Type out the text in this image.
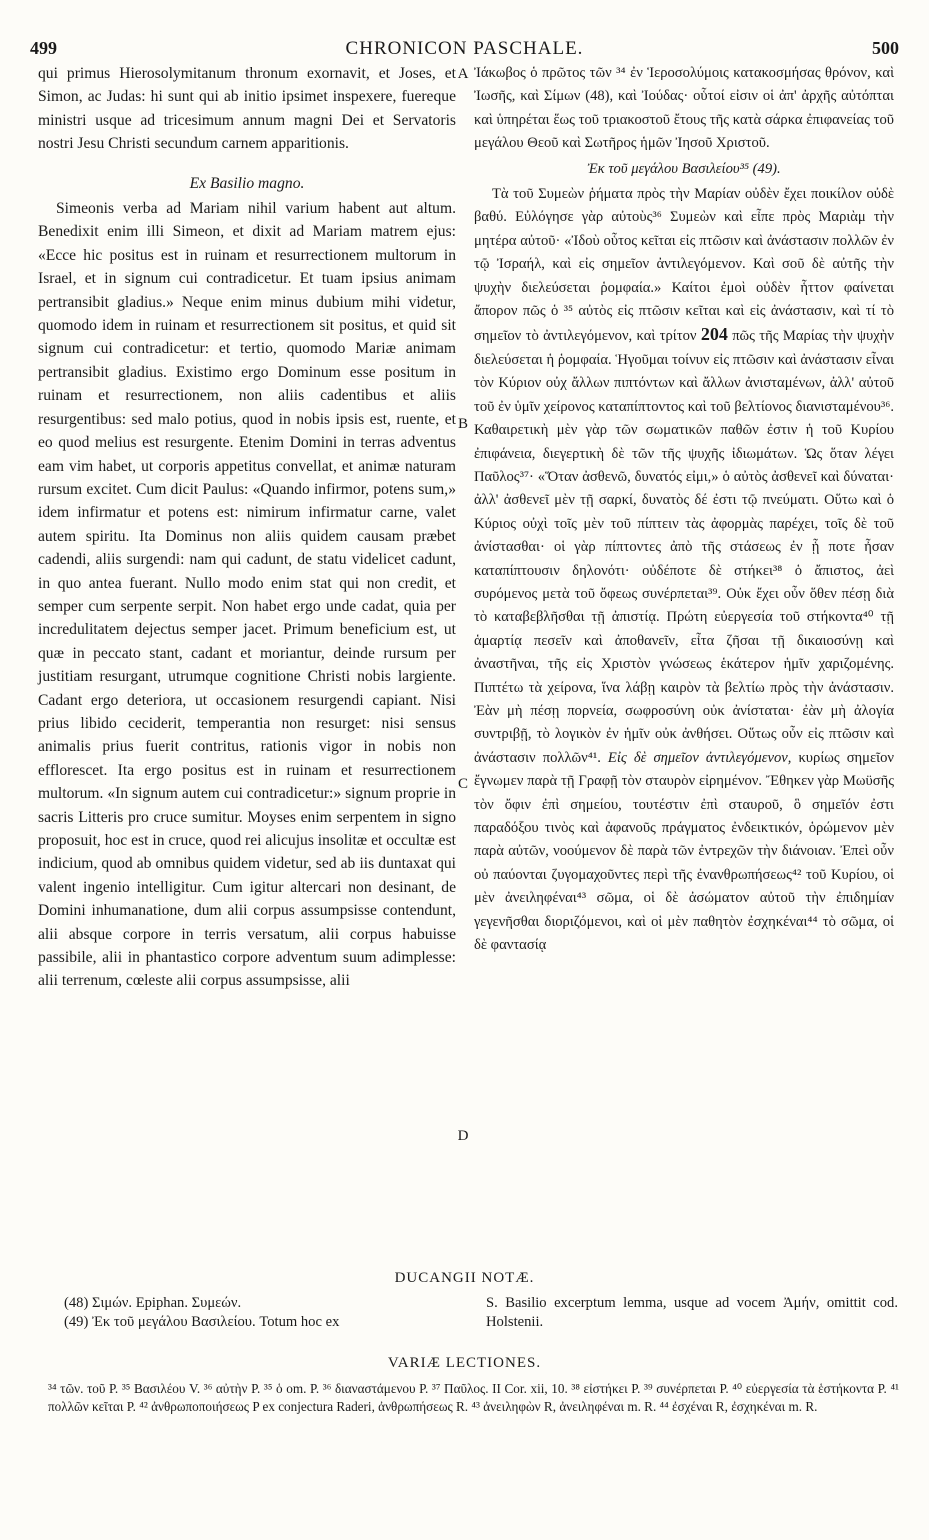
499	CHRONICON PASCHALE.	500

qui primus Hierosolymitanum thronum exornavit, et Joses, et Simon, ac Judas: hi sunt qui ab initio ipsimet inspexere, fuereque ministri usque ad tricesimum annum magni Dei et Servatoris nostri Jesu Christi secundum carnem apparitionis.

Ex Basilio magno.

Simeonis verba ad Mariam nihil varium habent aut altum. Benedixit enim illi Simeon, et dixit ad Mariam matrem ejus: «Ecce hic positus est in ruinam et resurrectionem multorum in Israel, et in signum cui contradicetur. Et tuam ipsius animam pertransibit gladius.» Neque enim minus dubium mihi videtur, quomodo idem in ruinam et resurrectionem sit positus, et quid sit signum cui contradicetur: et tertio, quomodo Mariæ animam pertransibit gladius. Existimo ergo Dominum esse positum in ruinam et resurrectionem, non aliis cadentibus et aliis resurgentibus: sed malo potius, quod in nobis ipsis est, ruente, et eo quod melius est resurgente. Etenim Domini in terras adventus eam vim habet, ut corporis appetitus convellat, et animæ naturam rursum excitet. Cum dicit Paulus: «Quando infirmor, potens sum,» idem infirmatur et potens est: nimirum infirmatur carne, valet autem spiritu. Ita Dominus non aliis quidem causam præbet cadendi, aliis surgendi: nam qui cadunt, de statu videlicet cadunt, in quo antea fuerant. Nullo modo enim stat qui non credit, et semper cum serpente serpit. Non habet ergo unde cadat, quia per incredulitatem dejectus semper jacet. Primum beneficium est, ut quæ in peccato stant, cadant et moriantur, deinde rursum per justitiam resurgant, utrumque cognitione Christi nobis largiente. Cadant ergo deteriora, ut occasionem resurgendi capiant. Nisi prius libido ceciderit, temperantia non resurget: nisi sensus animalis prius fuerit contritus, rationis vigor in nobis non efflorescet. Ita ergo positus est in ruinam et resurrectionem multorum. «In signum autem cui contradicetur:» signum proprie in sacris Litteris pro cruce sumitur. Moyses enim serpentem in signo proposuit, hoc est in cruce, quod rei alicujus insolitæ et occultæ est indicium, quod ab omnibus quidem videtur, sed ab iis duntaxat qui valent ingenio intelligitur. Cum igitur altercari non desinant, de Domini inhumanatione, dum alii corpus assumpsisse contendunt, alii absque corpore in terris versatum, alii corpus habuisse passibile, alii in phantastico corpore adventum suum adimplesse: alii terrenum, cœleste alii corpus assumpsisse, alii

A
B
C
D

Ἰάκωβος ὁ πρῶτος τῶν ³⁴ ἐν Ἱεροσολύμοις κατακοσμήσας θρόνον, καὶ Ἰωσῆς, καὶ Σίμων (48), καὶ Ἰούδας· οὗτοί εἰσιν οἱ ἀπ' ἀρχῆς αὐτόπται καὶ ὑπηρέται ἕως τοῦ τριακοστοῦ ἔτους τῆς κατὰ σάρκα ἐπιφανείας τοῦ μεγάλου Θεοῦ καὶ Σωτῆρος ἡμῶν Ἰησοῦ Χριστοῦ.

Ἐκ τοῦ μεγάλου Βασιλείου³⁵ (49).

Τὰ τοῦ Συμεὼν ῥήματα πρὸς τὴν Μαρίαν οὐδὲν ἔχει ποικίλον οὐδὲ βαθύ. Εὐλόγησε γὰρ αὐτοὺς³⁶ Συμεὼν καὶ εἶπε πρὸς Μαριὰμ τὴν μητέρα αὐτοῦ· «Ἰδοὺ οὗτος κεῖται εἰς πτῶσιν καὶ ἀνάστασιν πολλῶν ἐν τῷ Ἰσραήλ, καὶ εἰς σημεῖον ἀντιλεγόμενον. Καὶ σοῦ δὲ αὐτῆς τὴν ψυχὴν διελεύσεται ῥομφαία.» Καίτοι ἐμοὶ οὐδὲν ἧττον φαίνεται ἄπορον πῶς ὁ ³⁵ αὐτὸς εἰς πτῶσιν κεῖται καὶ εἰς ἀνάστασιν, καὶ τί τὸ σημεῖον τὸ ἀντιλεγόμενον, καὶ τρίτον 204 πῶς τῆς Μαρίας τὴν ψυχὴν διελεύσεται ἡ ῥομφαία. Ἡγοῦμαι τοίνυν εἰς πτῶσιν καὶ ἀνάστασιν εἶναι τὸν Κύριον οὐχ ἄλλων πιπτόντων καὶ ἄλλων ἀνισταμένων, ἀλλ' αὐτοῦ τοῦ ἐν ὑμῖν χείρονος καταπίπτοντος καὶ τοῦ βελτίονος διανισταμένου³⁶. Καθαιρετικὴ μὲν γὰρ τῶν σωματικῶν παθῶν ἐστιν ἡ τοῦ Κυρίου ἐπιφάνεια, διεγερτικὴ δὲ τῶν τῆς ψυχῆς ἰδιωμάτων. Ὡς ὅταν λέγει Παῦλος³⁷· «Ὅταν ἀσθενῶ, δυνατός εἰμι,» ὁ αὐτὸς ἀσθενεῖ καὶ δύναται· ἀλλ' ἀσθενεῖ μὲν τῇ σαρκί, δυνατὸς δέ ἐστι τῷ πνεύματι. Οὕτω καὶ ὁ Κύριος οὐχὶ τοῖς μὲν τοῦ πίπτειν τὰς ἀφορμὰς παρέχει, τοῖς δὲ τοῦ ἀνίστασθαι· οἱ γὰρ πίπτοντες ἀπὸ τῆς στάσεως ἐν ᾗ ποτε ἦσαν καταπίπτουσιν δηλονότι· οὐδέποτε δὲ στήκει³⁸ ὁ ἄπιστος, ἀεὶ συρόμενος μετὰ τοῦ ὄφεως συνέρπεται³⁹. Οὐκ ἔχει οὖν ὅθεν πέσῃ διὰ τὸ καταβεβλῆσθαι τῇ ἀπιστίᾳ. Πρώτη εὐεργεσία τοῦ στήκοντα⁴⁰ τῇ ἁμαρτίᾳ πεσεῖν καὶ ἀποθανεῖν, εἶτα ζῆσαι τῇ δικαιοσύνῃ καὶ ἀναστῆναι, τῆς εἰς Χριστὸν γνώσεως ἑκάτερον ἡμῖν χαριζομένης. Πιπτέτω τὰ χείρονα, ἵνα λάβῃ καιρὸν τὰ βελτίω πρὸς τὴν ἀνάστασιν. Ἐὰν μὴ πέσῃ πορνεία, σωφροσύνη οὐκ ἀνίσταται· ἐὰν μὴ ἀλογία συντριβῇ, τὸ λογικὸν ἐν ἡμῖν οὐκ ἀνθήσει. Οὕτως οὖν εἰς πτῶσιν καὶ ἀνάστασιν πολλῶν⁴¹. Εἰς δὲ σημεῖον ἀντιλεγόμενον, κυρίως σημεῖον ἔγνωμεν παρὰ τῇ Γραφῇ τὸν σταυρὸν εἰρημένον. Ἔθηκεν γὰρ Μωϋσῆς τὸν ὄφιν ἐπὶ σημείου, τουτέστιν ἐπὶ σταυροῦ, ὃ σημεῖόν ἐστι παραδόξου τινὸς καὶ ἀφανοῦς πράγματος ἐνδεικτικόν, ὁρώμενον μὲν παρὰ αὐτῶν, νοούμενον δὲ παρὰ τῶν ἐντρεχῶν τὴν διάνοιαν. Ἐπεὶ οὖν οὐ παύονται ζυγομαχοῦντες περὶ τῆς ἐνανθρωπήσεως⁴² τοῦ Κυρίου, οἱ μὲν ἀνειληφέναι⁴³ σῶμα, οἱ δὲ ἀσώματον αὐτοῦ τὴν ἐπιδημίαν γεγενῆσθαι διοριζόμενοι, καὶ οἱ μὲν παθητὸν ἐσχηκέναι⁴⁴ τὸ σῶμα, οἱ δὲ φαντασίᾳ

DUCANGII NOTÆ.
(48) Σιμών. Epiphan. Συμεών.
(49) Ἐκ τοῦ μεγάλου Βασιλείου. Totum hoc ex
S. Basilio excerptum lemma, usque ad vocem Ἀμήν, omittit cod. Holstenii.
VARIÆ LECTIONES.
³⁴ τῶν. τοῦ P. ³⁵ Βασιλέου V. ³⁶ αὐτὴν P. ³⁵ ὁ om. P. ³⁶ διαναστάμενου P. ³⁷ Παῦλος. II Cor. xii, 10. ³⁸ εἰστήκει P. ³⁹ συνέρπεται P. ⁴⁰ εὐεργεσία τὰ ἑστήκοντα P. ⁴¹ πολλῶν κεῖται P. ⁴² ἀνθρωποποιήσεως P ex conjectura Raderi, ἀνθρωπήσεως R. ⁴³ ἀνειληφὼν R, ἀνειληφέναι m. R. ⁴⁴ ἐσχέναι R, ἐσχηκέναι m. R.
